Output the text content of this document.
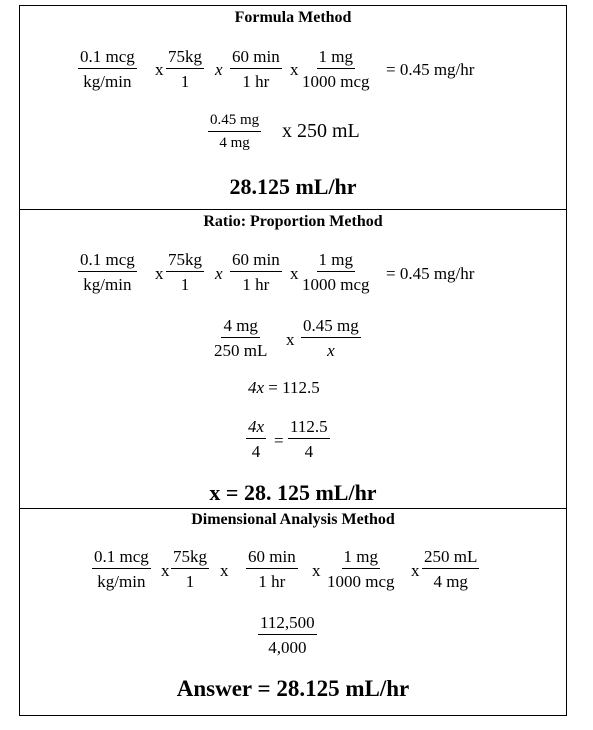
Formula Method
0.1 mcg
kg/min
x $\frac{75kg}{1}$ x
60 min
1 hr
x
1 mg
1000 mcg
= 0.45 mg/hr
$\frac{0.45 mg}{4 mg}$ x 250 mL
28.125 mL/hr
Ratio: Proportion Method
0.1 mcg
kg/min
x $\frac{75kg}{1}$ x
60 min
1 hr
x
1 mg
1000 mcg
= 0.45 mg/hr
$\frac{4 mg}{250 mL}$ x $\frac{0.45 mg}{x}$
4x = 112.5
$\frac{4x}{4} = \frac{112.5}{4}$
x = 28. 125 mL/hr
Dimensional Analysis Method
0.1 mcg
kg/min
x $\frac{75kg}{1}$ x
60 min
1 hr
x
1 mg
1000 mcg
x $\frac{250 mL}{4 mg}$
$\frac{112,500}{4,000}$
Answer = 28.125 mL/hr
